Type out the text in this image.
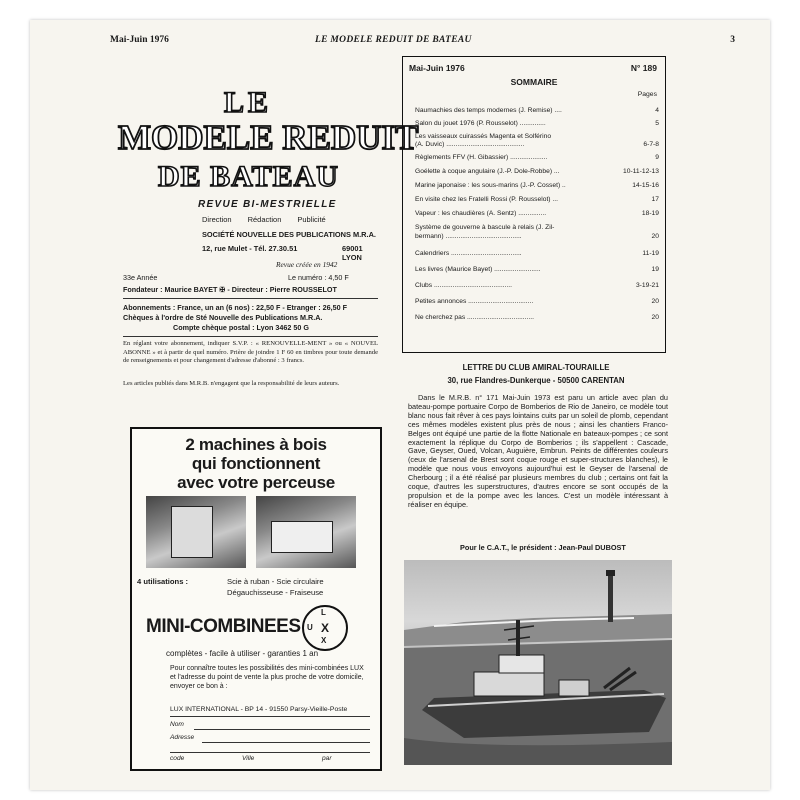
Mai-Juin 1976	LE MODELE REDUIT DE BATEAU	3
LE
MODELE REDUIT
DE BATEAU
REVUE BI-MESTRIELLE
Direction Rédaction Publicité
SOCIÉTÉ NOUVELLE DES PUBLICATIONS M.R.A.
12, rue Mulet - Tél. 27.30.51	69001 LYON
Revue créée en 1942
33e Année	Le numéro : 4,50 F
Fondateur : Maurice BAYET ✠ - Directeur : Pierre ROUSSELOT
Abonnements : France, un an (6 nos) : 22,50 F - Etranger : 26,50 F
Chèques à l'ordre de Sté Nouvelle des Publications M.R.A.
Compte chèque postal : Lyon 3462 50 G
En réglant votre abonnement, indiquer S.V.P. : « RENOUVELLE-MENT » ou « NOUVEL ABONNE » et à partir de quel numéro. Prière de joindre 1 F 60 en timbres pour toute demande de renseignements et pour changement d'adresse d'abonné : 3 francs.
Les articles publiés dans M.R.B. n'engagent que la responsabilité de leurs auteurs.
2 machines à bois
qui fonctionnent
avec votre perceuse
4 utilisations :	Scie à ruban - Scie circulaire
Dégauchisseuse - Fraiseuse
MINI-COMBINEES
L
U X
X
complètes - facile à utiliser - garanties 1 an
Pour connaître toutes les possibilités des mini-combinées LUX et l'adresse du point de vente la plus proche de votre domicile, envoyer ce bon à :
LUX INTERNATIONAL - BP 14 - 91550 Parsy-Vieille-Poste
Nom
Adresse
code	Ville	par
Mai-Juin 1976	N° 189
SOMMAIRE
Pages
Naumachies des temps modernes (J. Remise) ....	4
Salon du jouet 1976 (P. Rousselot) ..............	5
Les vaisseaux cuirassés Magenta et Solférino
(A. Duvic) ..........................................	6-7-8
Règlements FFV (H. Gibassier) ....................	9
Goélette à coque angulaire (J.-P. Dole-Robbe) ...	10-11-12-13
Marine japonaise : les sous-marins (J.-P. Cosset) ..	14-15-16
En visite chez les Fratelli Rossi (P. Rousselot) ...	17
Vapeur : les chaudières (A. Sentz) ...............	18-19
Système de gouverne à bascule à relais (J. Zil-
bermann) .........................................	20
Calendriers ......................................	11-19
Les livres (Maurice Bayet) .........................	19
Clubs ..........................................	3-19-21
Petites annonces ...................................	20
Ne cherchez pas ....................................	20
LETTRE DU CLUB AMIRAL-TOURAILLE
30, rue Flandres-Dunkerque - 50500 CARENTAN
Dans le M.R.B. n° 171 Mai-Juin 1973 est paru un article avec plan du bateau-pompe portuaire Corpo de Bomberios de Rio de Janeiro, ce modèle tout blanc nous fait rêver à ces pays lointains cuits par un soleil de plomb, cependant ces mêmes modèles existent plus près de nous ; ainsi les chantiers Franco-Belges ont équipé une partie de la flotte Nationale en bateaux-pompes ; ce sont exactement la réplique du Corpo de Bomberios ; ils s'appellent : Cascade, Gave, Geyser, Oued, Volcan, Auguière, Embrun. Peints de différentes couleurs (ceux de l'arsenal de Brest sont coque rouge et super-structures blanches), le modèle que nous vous envoyons aujourd'hui est le Geyser de l'arsenal de Cherbourg ; il a été réalisé par plusieurs membres du club ; certains ont fait la coque, d'autres les superstructures, d'autres encore se sont occupés de la propulsion et de la pompe avec les lances. C'est un modèle intéressant à réaliser en équipe.
Pour le C.A.T., le président : Jean-Paul DUBOST
